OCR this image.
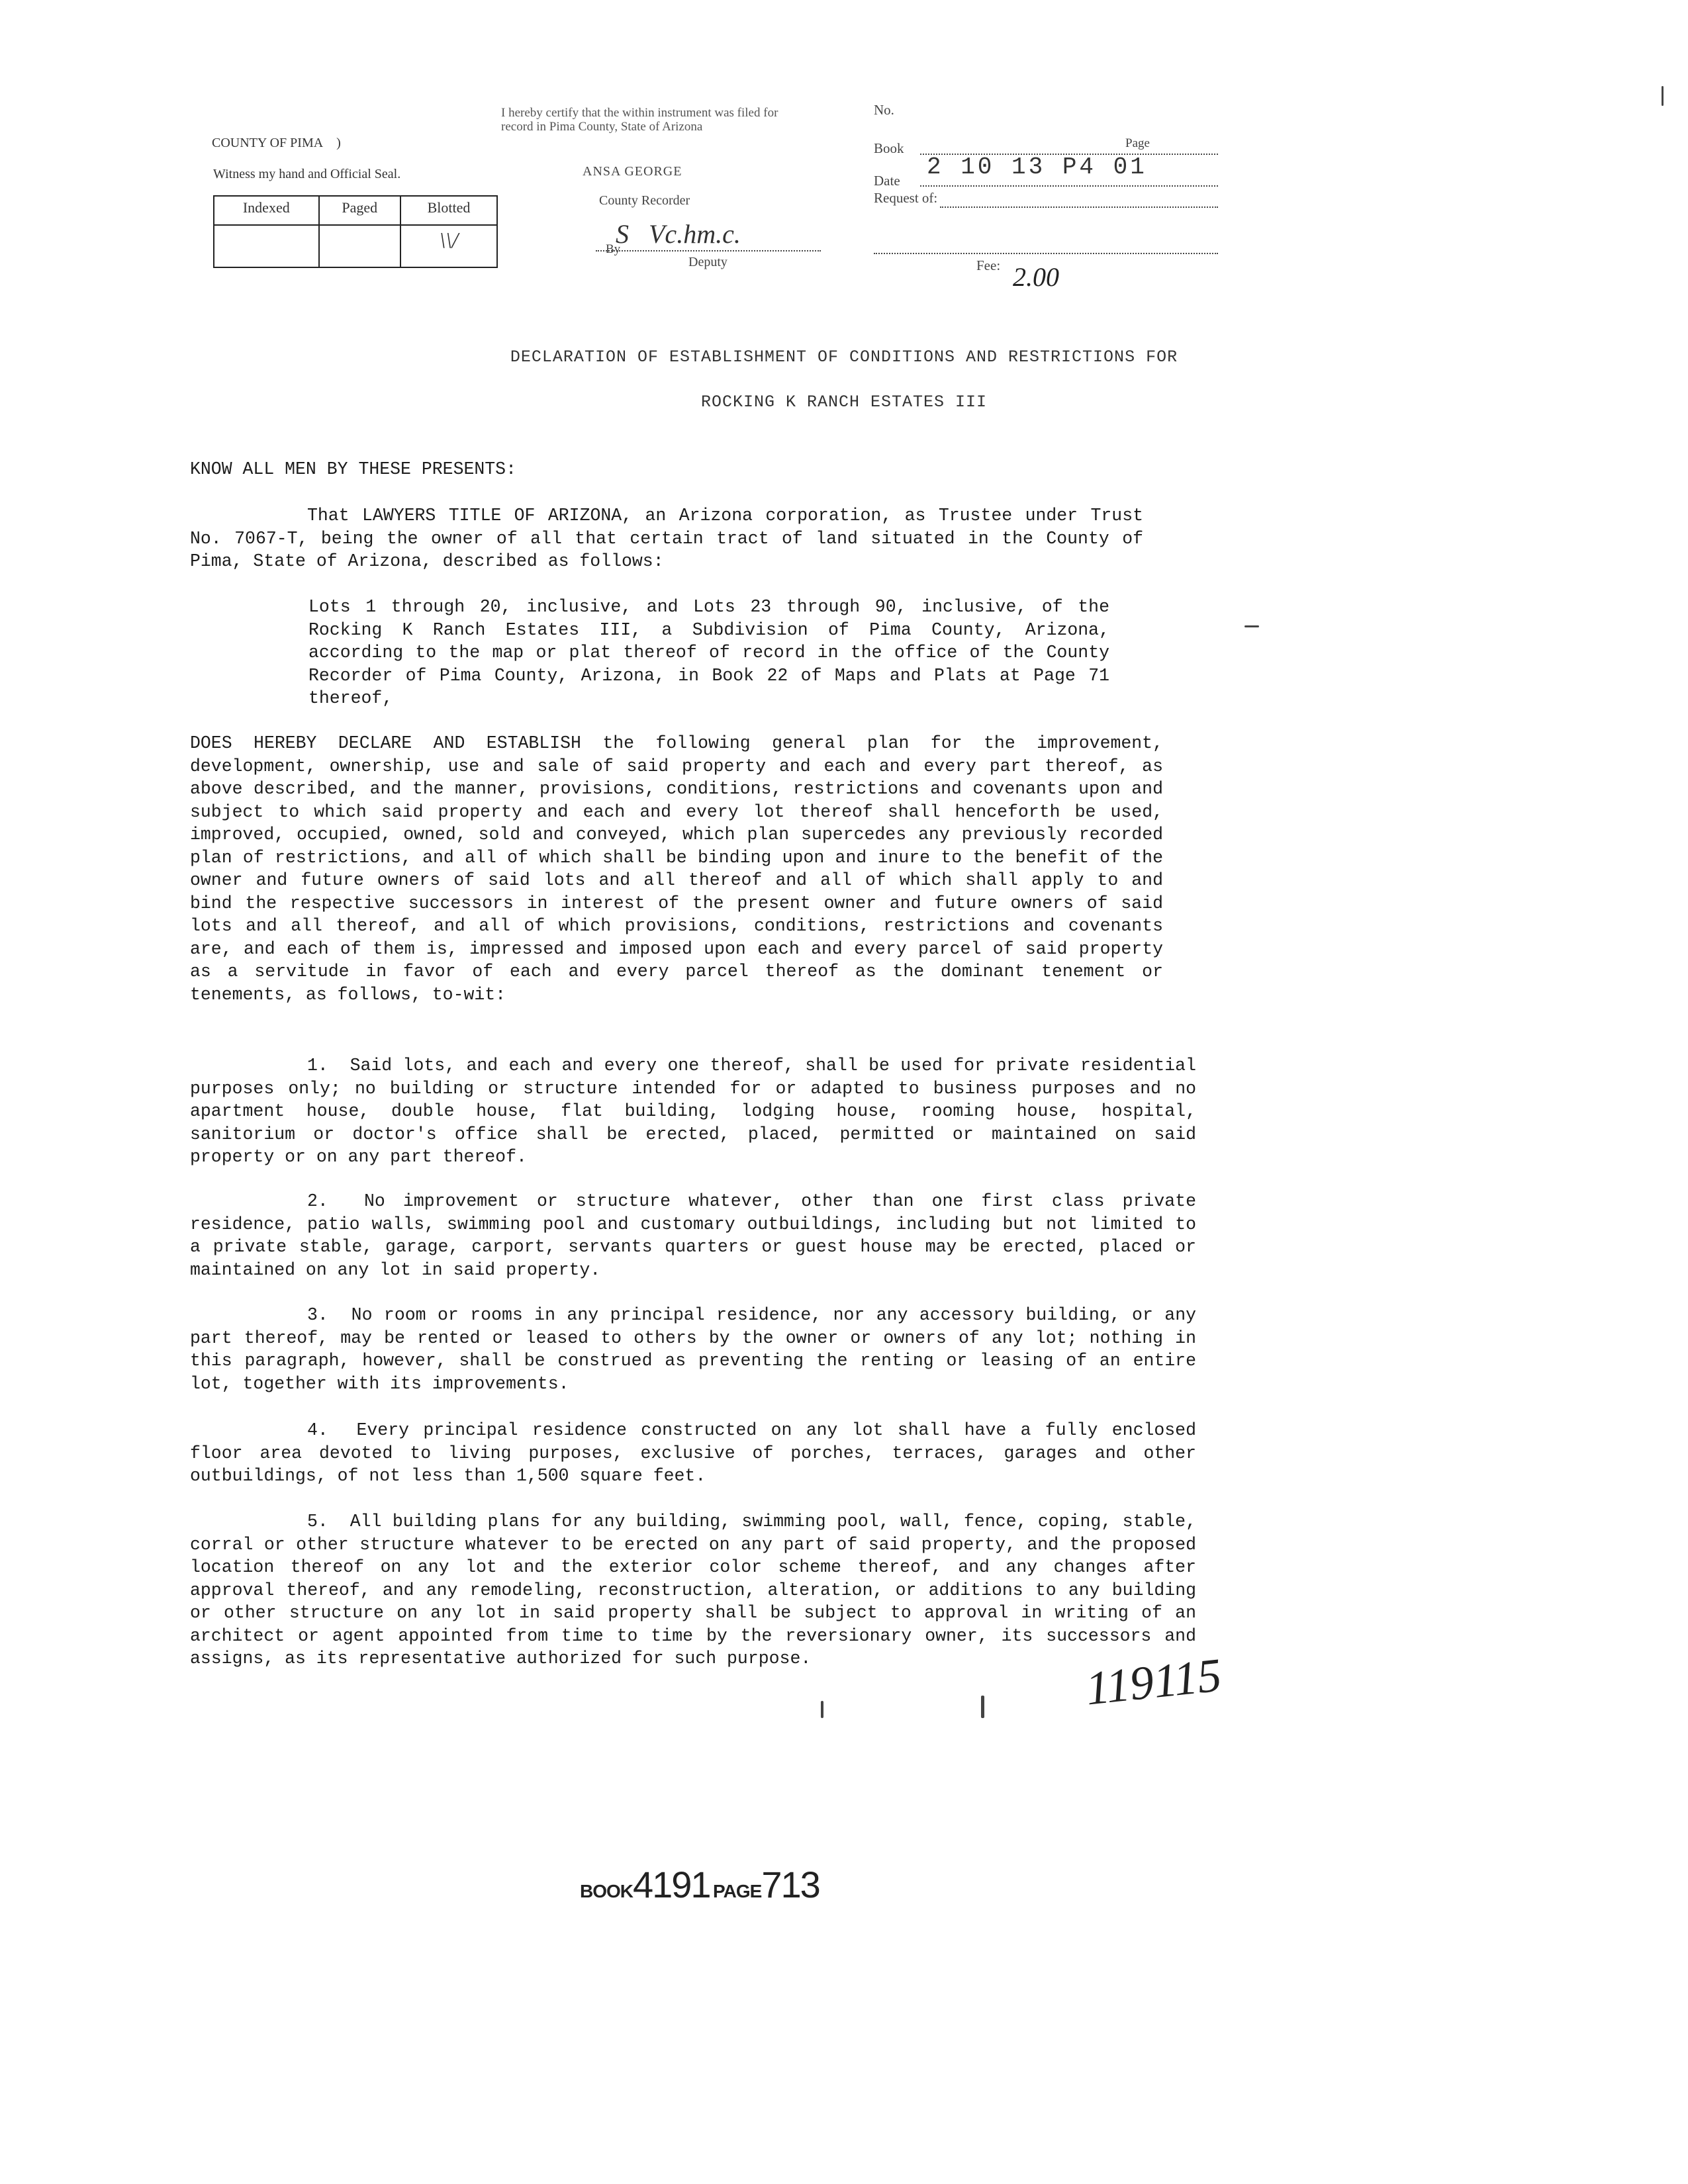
COUNTY OF PIMA    )
Witness my hand and Official Seal.
Indexed	Paged	Blotted
		\\/
I hereby certify that the within instrument was filed for record in Pima County, State of Arizona
ANSA GEORGE
County Recorder
S   Vc.hm.c.
By
Deputy
No.
Book	Page
Date 2 10 13 P4 01
Request of:
Fee: 2.00
DECLARATION OF ESTABLISHMENT OF CONDITIONS AND RESTRICTIONS FOR
ROCKING K RANCH ESTATES III
KNOW ALL MEN BY THESE PRESENTS:
That LAWYERS TITLE OF ARIZONA, an Arizona corporation, as Trustee under Trust No. 7067-T, being the owner of all that certain tract of land situated in the County of Pima, State of Arizona, described as follows:
Lots 1 through 20, inclusive, and Lots 23 through 90, inclusive, of the Rocking K Ranch Estates III, a Subdivision of Pima County, Arizona, according to the map or plat thereof of record in the office of the County Recorder of Pima County, Arizona, in Book 22 of Maps and Plats at Page 71 thereof,
DOES HEREBY DECLARE AND ESTABLISH the following general plan for the improvement, development, ownership, use and sale of said property and each and every part thereof, as above described, and the manner, provisions, conditions, restrictions and covenants upon and subject to which said property and each and every lot thereof shall henceforth be used, improved, occupied, owned, sold and conveyed, which plan supercedes any previously recorded plan of restrictions, and all of which shall be binding upon and inure to the benefit of the owner and future owners of said lots and all thereof and all of which shall apply to and bind the respective successors in interest of the present owner and future owners of said lots and all thereof, and all of which provisions, conditions, restrictions and covenants are, and each of them is, impressed and imposed upon each and every parcel of said property as a servitude in favor of each and every parcel thereof as the dominant tenement or tenements, as follows, to-wit:
1.  Said lots, and each and every one thereof, shall be used for private residential purposes only; no building or structure intended for or adapted to business purposes and no apartment house, double house, flat building, lodging house, rooming house, hospital, sanitorium or doctor's office shall be erected, placed, permitted or maintained on said property or on any part thereof.
2.  No improvement or structure whatever, other than one first class private residence, patio walls, swimming pool and customary outbuildings, including but not limited to a private stable, garage, carport, servants quarters or guest house may be erected, placed or maintained on any lot in said property.
3.  No room or rooms in any principal residence, nor any accessory building, or any part thereof, may be rented or leased to others by the owner or owners of any lot; nothing in this paragraph, however, shall be construed as preventing the renting or leasing of an entire lot, together with its improvements.
4.  Every principal residence constructed on any lot shall have a fully enclosed floor area devoted to living purposes, exclusive of porches, terraces, garages and other outbuildings, of not less than 1,500 square feet.
5.  All building plans for any building, swimming pool, wall, fence, coping, stable, corral or other structure whatever to be erected on any part of said property, and the proposed location thereof on any lot and the exterior color scheme thereof, and any changes after approval thereof, and any remodeling, reconstruction, alteration, or additions to any building or other structure on any lot in said property shall be subject to approval in writing of an architect or agent appointed from time to time by the reversionary owner, its successors and assigns, as its representative authorized for such purpose.	119115
BOOK4191 PAGE713
